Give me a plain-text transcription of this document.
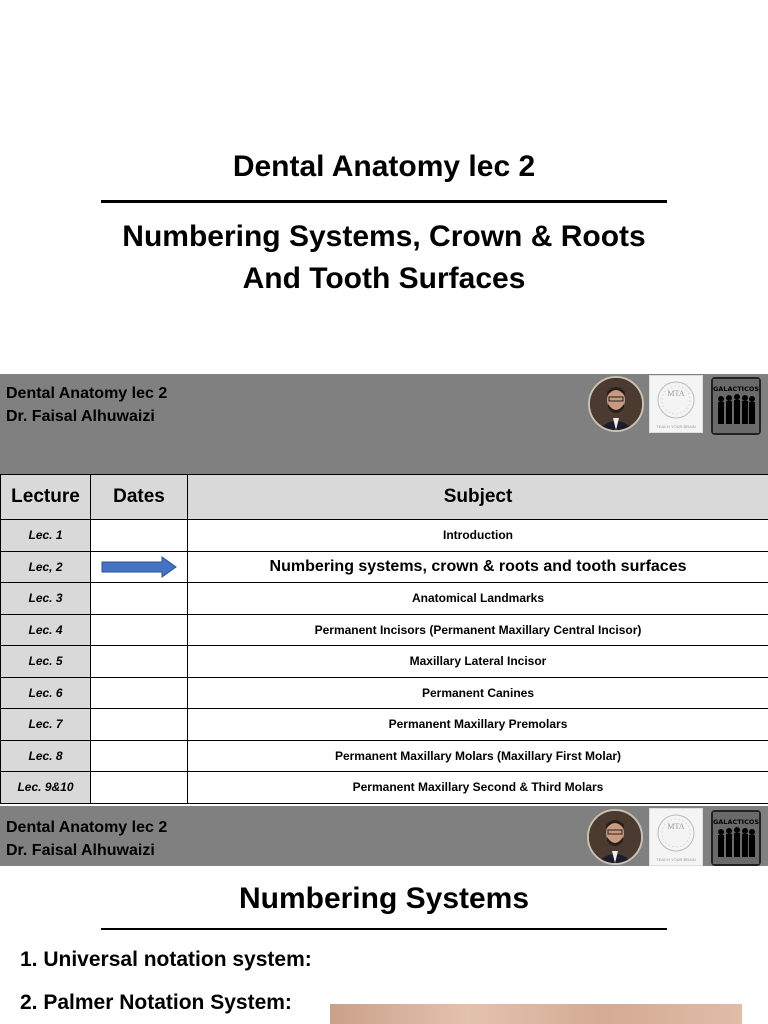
Dental Anatomy lec 2
Numbering Systems, Crown & Roots
And Tooth Surfaces
Dental Anatomy lec 2
Dr. Faisal Alhuwaizi
MTA
TEACH YOUR BRAIN
GALACTICOS
Lecture	Dates	Subject
Lec. 1		Introduction
Lec, 2		Numbering systems, crown & roots and tooth surfaces
Lec. 3		Anatomical Landmarks
Lec. 4		Permanent Incisors (Permanent Maxillary Central Incisor)
Lec. 5		Maxillary Lateral Incisor
Lec. 6		Permanent Canines
Lec. 7		Permanent Maxillary Premolars
Lec. 8		Permanent Maxillary Molars (Maxillary First Molar)
Lec. 9&10		Permanent Maxillary Second & Third Molars
Dental Anatomy lec 2
Dr. Faisal Alhuwaizi
MTA
TEACH YOUR BRAIN
GALACTICOS
Numbering Systems
1. Universal notation system:
2. Palmer Notation System:
